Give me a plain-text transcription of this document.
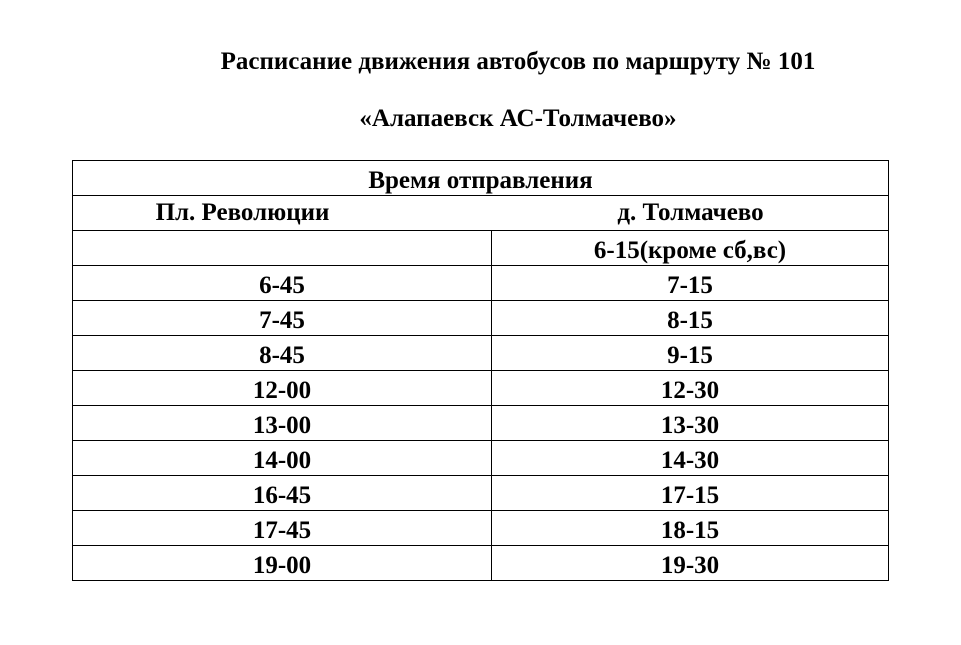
Расписание движения автобусов по маршруту № 101
«Алапаевск АС-Толмачево»
Время отправления	

Пл. Революции д. Толмачево	

	6-15(кроме сб,вс)
6-45	7-15
7-45	8-15
8-45	9-15
12-00	12-30
13-00	13-30
14-00	14-30
16-45	17-15
17-45	18-15
19-00	19-30
